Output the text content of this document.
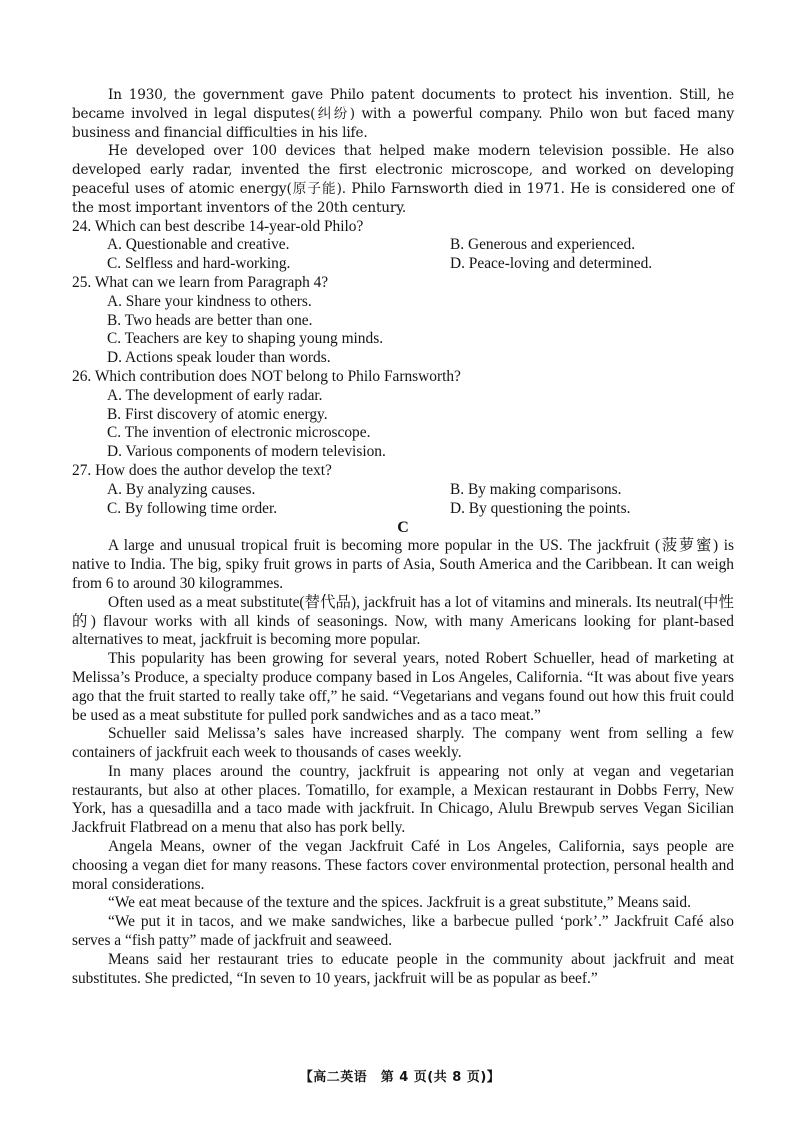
In 1930, the government gave Philo patent documents to protect his invention. Still, he became involved in legal disputes(纠纷) with a powerful company. Philo won but faced many business and financial difficulties in his life.

He developed over 100 devices that helped make modern television possible. He also developed early radar, invented the first electronic microscope, and worked on developing peaceful uses of atomic energy(原子能). Philo Farnsworth died in 1971. He is considered one of the most important inventors of the 20th century.

24. Which can best describe 14-year-old Philo?

A. Questionable and creative.	B. Generous and experienced.
C. Selfless and hard-working.	D. Peace-loving and determined.

25. What can we learn from Paragraph 4?

A. Share your kindness to others.
B. Two heads are better than one.
C. Teachers are key to shaping young minds.
D. Actions speak louder than words.

26. Which contribution does NOT belong to Philo Farnsworth?

A. The development of early radar.
B. First discovery of atomic energy.
C. The invention of electronic microscope.
D. Various components of modern television.

27. How does the author develop the text?

A. By analyzing causes.	B. By making comparisons.
C. By following time order.	D. By questioning the points.

C

A large and unusual tropical fruit is becoming more popular in the US. The jackfruit (菠萝蜜) is native to India. The big, spiky fruit grows in parts of Asia, South America and the Caribbean. It can weigh from 6 to around 30 kilogrammes.

Often used as a meat substitute(替代品), jackfruit has a lot of vitamins and minerals. Its neutral(中性的) flavour works with all kinds of seasonings. Now, with many Americans looking for plant-based alternatives to meat, jackfruit is becoming more popular.

This popularity has been growing for several years, noted Robert Schueller, head of marketing at Melissa’s Produce, a specialty produce company based in Los Angeles, California. “It was about five years ago that the fruit started to really take off,” he said. “Vegetarians and vegans found out how this fruit could be used as a meat substitute for pulled pork sandwiches and as a taco meat.”

Schueller said Melissa’s sales have increased sharply. The company went from selling a few containers of jackfruit each week to thousands of cases weekly.

In many places around the country, jackfruit is appearing not only at vegan and vegetarian restaurants, but also at other places. Tomatillo, for example, a Mexican restaurant in Dobbs Ferry, New York, has a quesadilla and a taco made with jackfruit. In Chicago, Alulu Brewpub serves Vegan Sicilian Jackfruit Flatbread on a menu that also has pork belly.

Angela Means, owner of the vegan Jackfruit Café in Los Angeles, California, says people are choosing a vegan diet for many reasons. These factors cover environmental protection, personal health and moral considerations.

“We eat meat because of the texture and the spices. Jackfruit is a great substitute,” Means said.

“We put it in tacos, and we make sandwiches, like a barbecue pulled ‘pork’.” Jackfruit Café also serves a “fish patty” made of jackfruit and seaweed.

Means said her restaurant tries to educate people in the community about jackfruit and meat substitutes. She predicted, “In seven to 10 years, jackfruit will be as popular as beef.”

【高二英语　第 4 页(共 8 页)】
